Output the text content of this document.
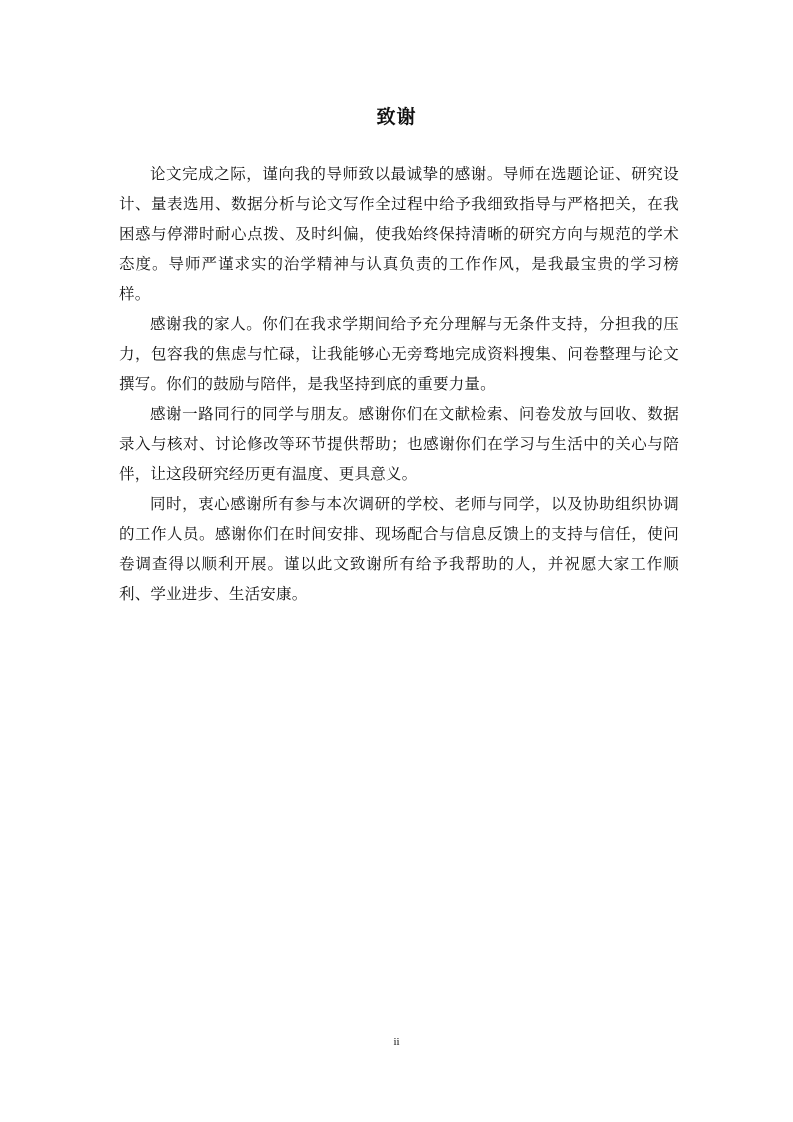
致谢

论文完成之际，谨向我的导师致以最诚挚的感谢。导师在选题论证、研究设计、量表选用、数据分析与论文写作全过程中给予我细致指导与严格把关，在我困惑与停滞时耐心点拨、及时纠偏，使我始终保持清晰的研究方向与规范的学术态度。导师严谨求实的治学精神与认真负责的工作作风，是我最宝贵的学习榜样。

感谢我的家人。你们在我求学期间给予充分理解与无条件支持，分担我的压力，包容我的焦虑与忙碌，让我能够心无旁骛地完成资料搜集、问卷整理与论文撰写。你们的鼓励与陪伴，是我坚持到底的重要力量。

感谢一路同行的同学与朋友。感谢你们在文献检索、问卷发放与回收、数据录入与核对、讨论修改等环节提供帮助；也感谢你们在学习与生活中的关心与陪伴，让这段研究经历更有温度、更具意义。

同时，衷心感谢所有参与本次调研的学校、老师与同学，以及协助组织协调的工作人员。感谢你们在时间安排、现场配合与信息反馈上的支持与信任，使问卷调查得以顺利开展。谨以此文致谢所有给予我帮助的人，并祝愿大家工作顺利、学业进步、生活安康。

ii
